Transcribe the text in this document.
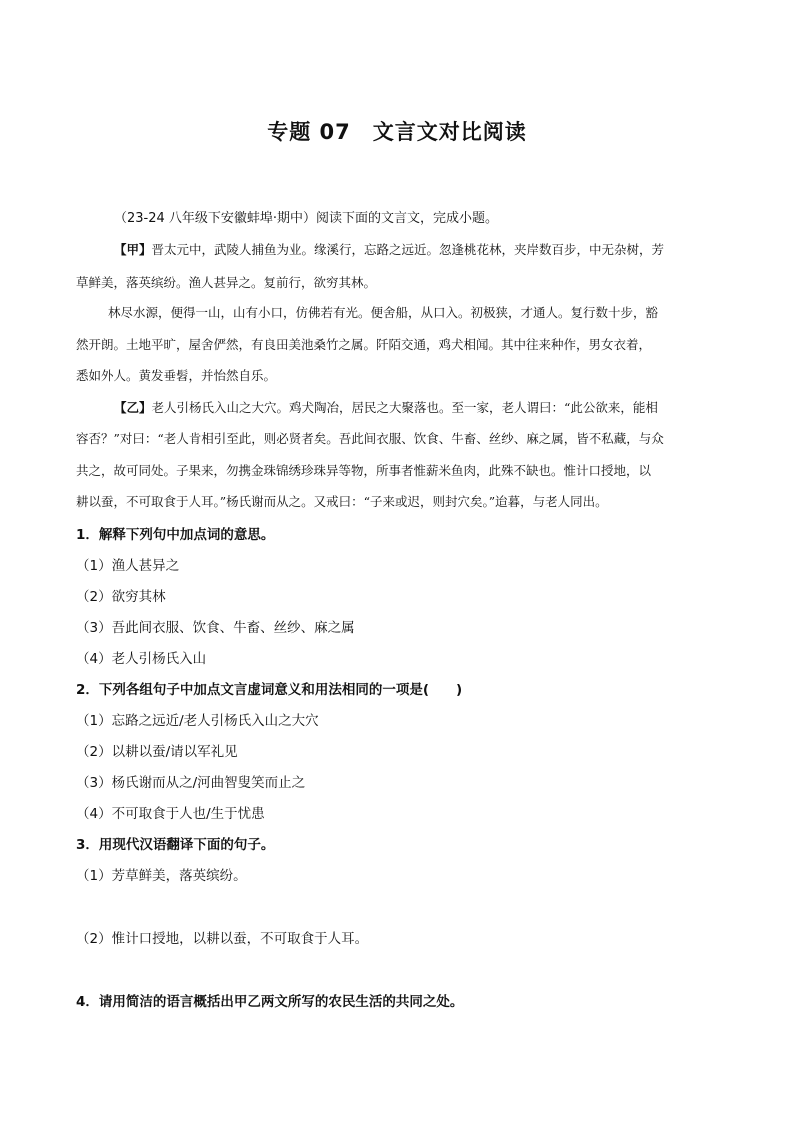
专题 07　文言文对比阅读
（23-24 八年级下安徽蚌埠·期中）阅读下面的文言文，完成小题。
【甲】晋太元中，武陵人捕鱼为业。缘溪行，忘路之远近。忽逢桃花林，夹岸数百步，中无杂树，芳
草鲜美，落英缤纷。渔人甚异之。复前行，欲穷其林。
林尽水源，便得一山，山有小口，仿佛若有光。便舍船，从口入。初极狭，才通人。复行数十步，豁
然开朗。土地平旷，屋舍俨然，有良田美池桑竹之属。阡陌交通，鸡犬相闻。其中往来种作，男女衣着，
悉如外人。黄发垂髫，并怡然自乐。
【乙】老人引杨氏入山之大穴。鸡犬陶冶，居民之大聚落也。至一家，老人谓曰：“此公欲来，能相
容否？”对曰：“老人肯相引至此，则必贤者矣。吾此间衣服、饮食、牛畜、丝纱、麻之属，皆不私藏，与众
共之，故可同处。子果来，勿携金珠锦绣珍珠异等物，所事者惟薪米鱼肉，此殊不缺也。惟计口授地，以
耕以蚕，不可取食于人耳。”杨氏谢而从之。又戒曰：“子来或迟，则封穴矣。”迨暮，与老人同出。
1．解释下列句中加点词的意思。
（1）渔人甚异之
（2）欲穷其林
（3）吾此间衣服、饮食、牛畜、丝纱、麻之属
（4）老人引杨氏入山
2．下列各组句子中加点文言虚词意义和用法相同的一项是(　　)
（1）忘路之远近/老人引杨氏入山之大穴
（2）以耕以蚕/请以军礼见
（3）杨氏谢而从之/河曲智叟笑而止之
（4）不可取食于人也/生于忧患
3．用现代汉语翻译下面的句子。
（1）芳草鲜美，落英缤纷。
（2）惟计口授地，以耕以蚕，不可取食于人耳。
4．请用简洁的语言概括出甲乙两文所写的农民生活的共同之处。
